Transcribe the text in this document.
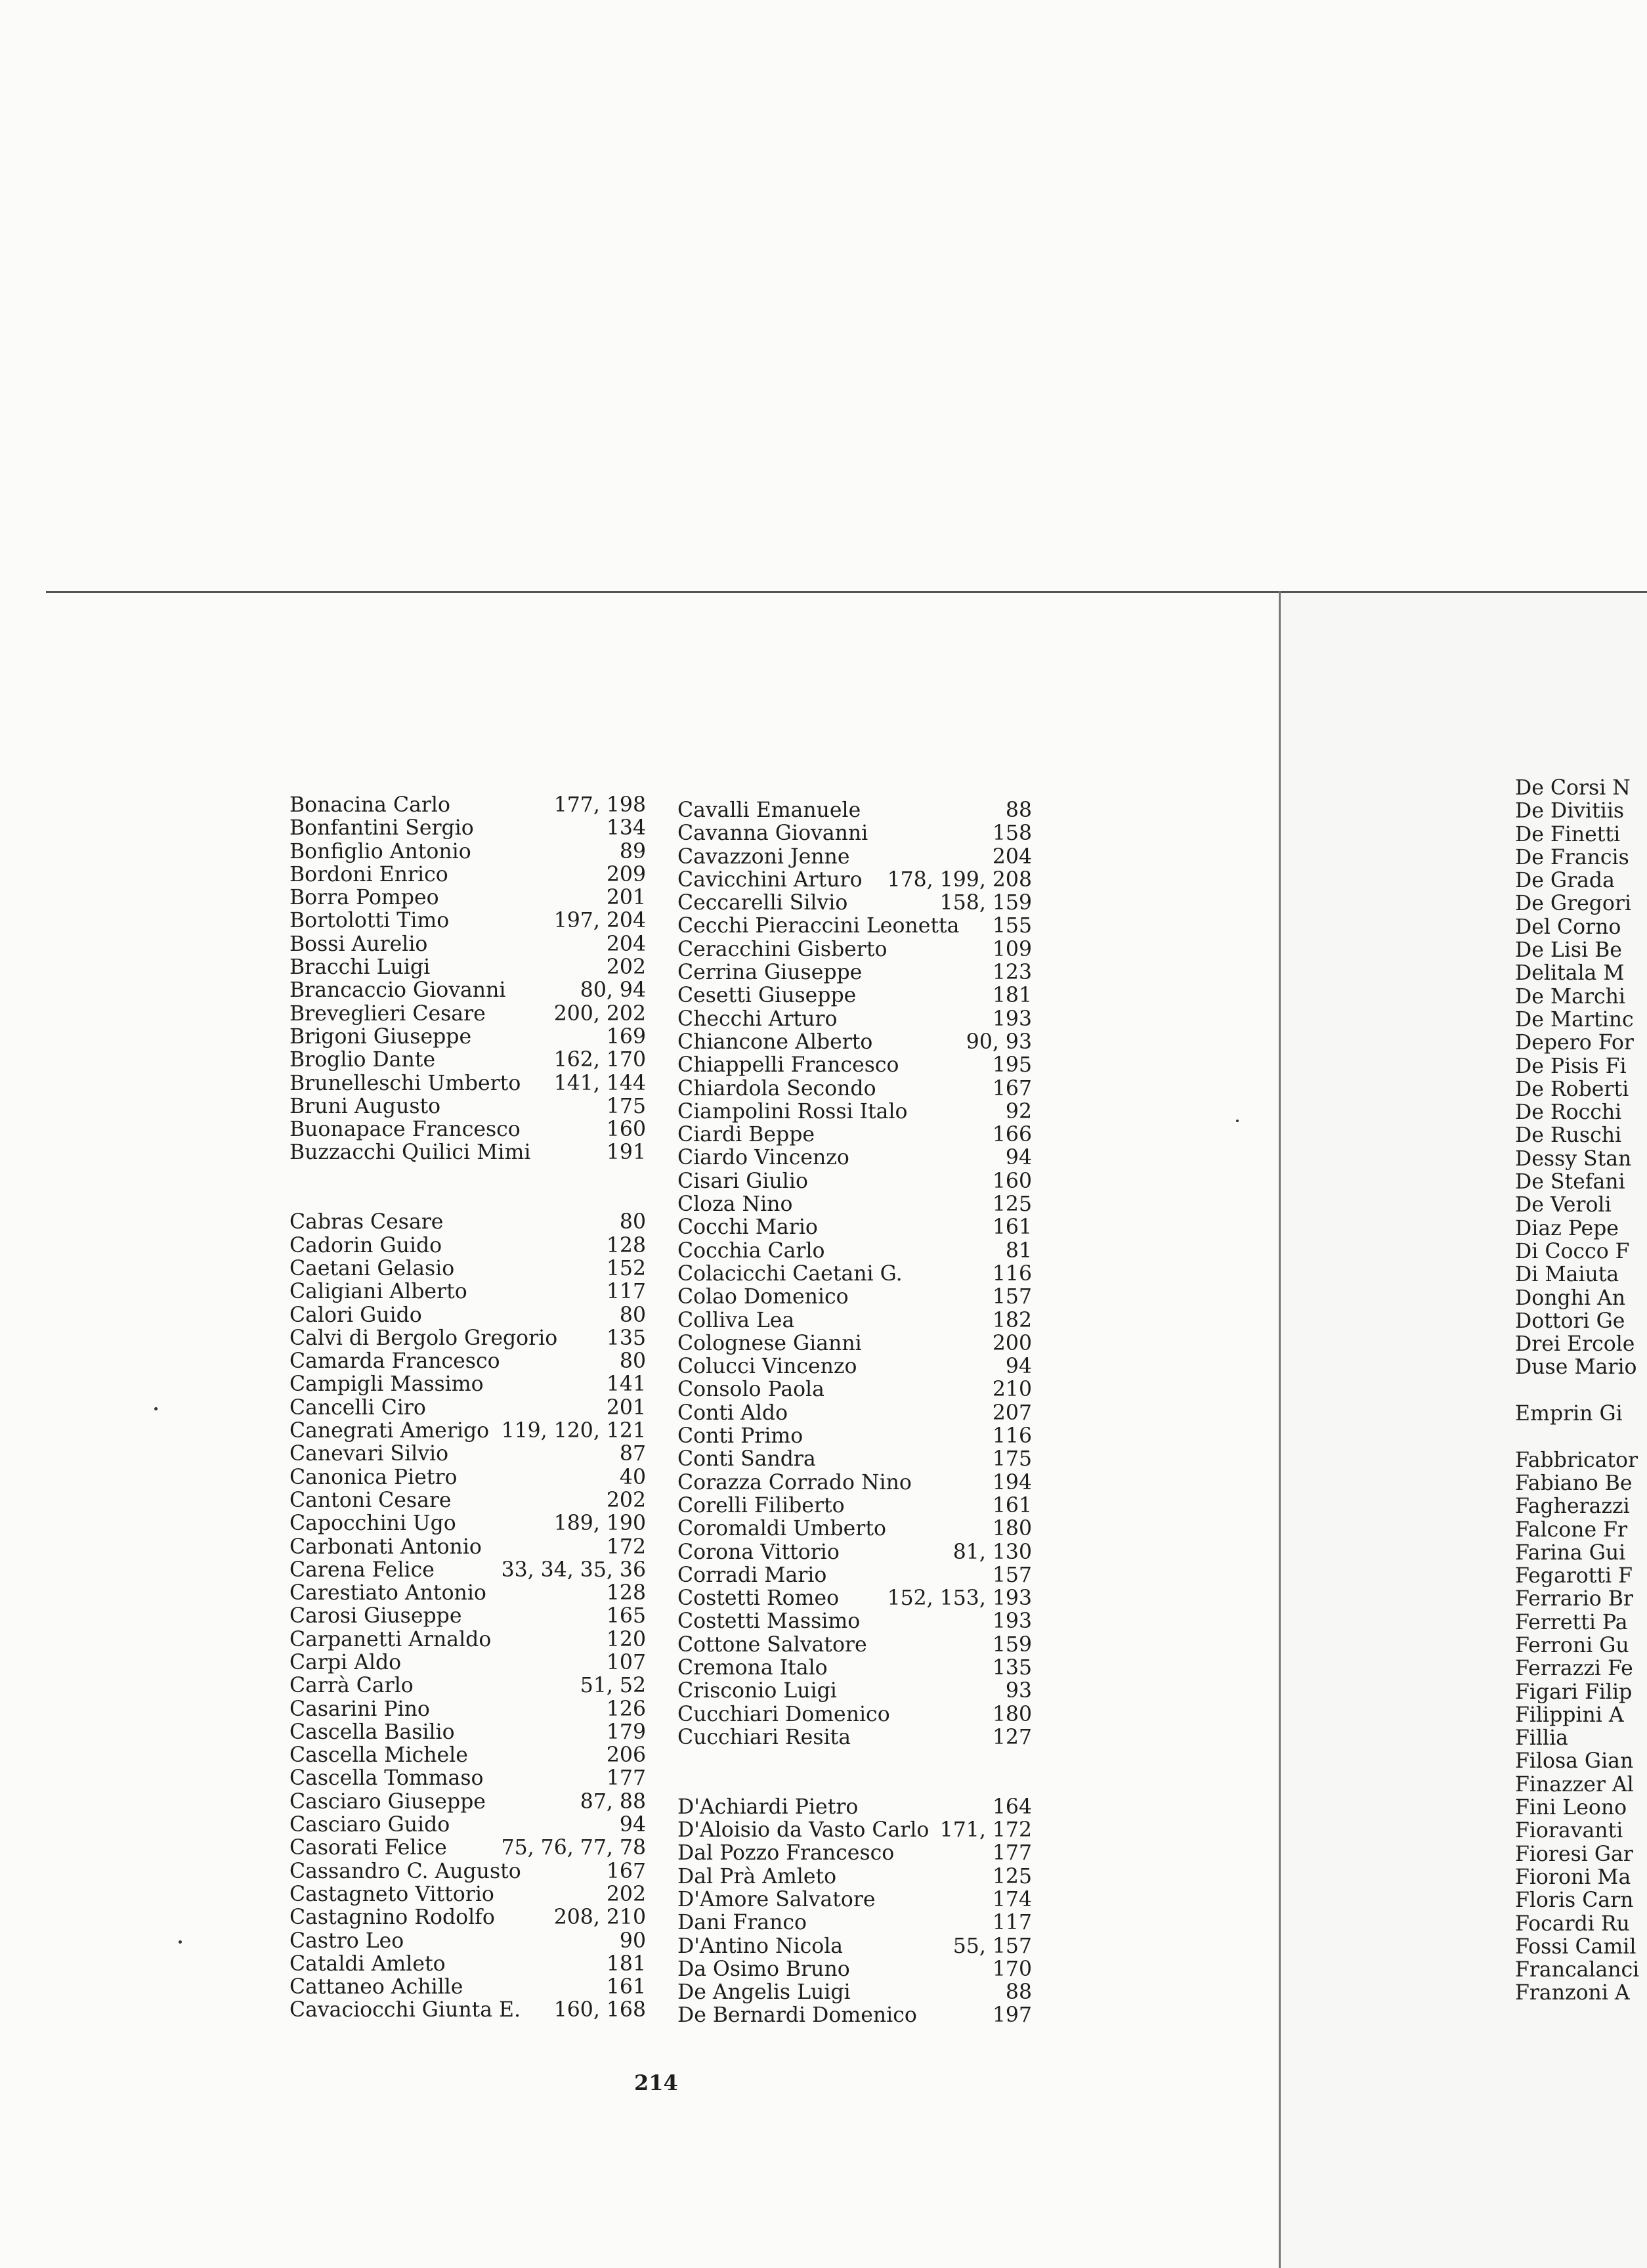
Bonacina Carlo	177, 198
Bonfantini Sergio	134
Bonfiglio Antonio	89
Bordoni Enrico	209
Borra Pompeo	201
Bortolotti Timo	197, 204
Bossi Aurelio	204
Bracchi Luigi	202
Brancaccio Giovanni	80, 94
Breveglieri Cesare	200, 202
Brigoni Giuseppe	169
Broglio Dante	162, 170
Brunelleschi Umberto	141, 144
Bruni Augusto	175
Buonapace Francesco	160
Buzzacchi Quilici Mimi	191
Cabras Cesare	80
Cadorin Guido	128
Caetani Gelasio	152
Caligiani Alberto	117
Calori Guido	80
Calvi di Bergolo Gregorio	135
Camarda Francesco	80
Campigli Massimo	141
Cancelli Ciro	201
Canegrati Amerigo 119, 120, 121
Canevari Silvio	87
Canonica Pietro	40
Cantoni Cesare	202
Capocchini Ugo	189, 190
Carbonati Antonio	172
Carena Felice	33, 34, 35, 36
Carestiato Antonio	128
Carosi Giuseppe	165
Carpanetti Arnaldo	120
Carpi Aldo	107
Carrà Carlo	51, 52
Casarini Pino	126
Cascella Basilio	179
Cascella Michele	206
Cascella Tommaso	177
Casciaro Giuseppe	87, 88
Casciaro Guido	94
Casorati Felice	75, 76, 77, 78
Cassandro C. Augusto	167
Castagneto Vittorio	202
Castagnino Rodolfo	208, 210
Castro Leo	90
Cataldi Amleto	181
Cattaneo Achille	161
Cavaciocchi Giunta E.	160, 168
Cavalli Emanuele	88
Cavanna Giovanni	158
Cavazzoni Jenne	204
Cavicchini Arturo	178, 199, 208
Ceccarelli Silvio	158, 159
Cecchi Pieraccini Leonetta	155
Ceracchini Gisberto	109
Cerrina Giuseppe	123
Cesetti Giuseppe	181
Checchi Arturo	193
Chiancone Alberto	90, 93
Chiappelli Francesco	195
Chiardola Secondo	167
Ciampolini Rossi Italo	92
Ciardi Beppe	166
Ciardo Vincenzo	94
Cisari Giulio	160
Cloza Nino	125
Cocchi Mario	161
Cocchia Carlo	81
Colacicchi Caetani G.	116
Colao Domenico	157
Colliva Lea	182
Colognese Gianni	200
Colucci Vincenzo	94
Consolo Paola	210
Conti Aldo	207
Conti Primo	116
Conti Sandra	175
Corazza Corrado Nino	194
Corelli Filiberto	161
Coromaldi Umberto	180
Corona Vittorio	81, 130
Corradi Mario	157
Costetti Romeo	152, 153, 193
Costetti Massimo	193
Cottone Salvatore	159
Cremona Italo	135
Crisconio Luigi	93
Cucchiari Domenico	180
Cucchiari Resita	127
D'Achiardi Pietro	164
D'Aloisio da Vasto Carlo 171, 172
Dal Pozzo Francesco	177
Dal Prà Amleto	125
D'Amore Salvatore	174
Dani Franco	117
D'Antino Nicola	55, 157
Da Osimo Bruno	170
De Angelis Luigi	88
De Bernardi Domenico	197
De Corsi N
De Divitiis
De Finetti
De Francis
De Grada
De Gregori
Del Corno
De Lisi Be
Delitala M
De Marchi
De Martinc
Depero For
De Pisis Fi
De Roberti
De Rocchi
De Ruschi
Dessy Stan
De Stefani
De Veroli
Diaz Pepe
Di Cocco F
Di Maiuta
Donghi An
Dottori Ge
Drei Ercole
Duse Mario
Emprin Gi
Fabbricator
Fabiano Be
Fagherazzi
Falcone Fr
Farina Gui
Fegarotti F
Ferrario Br
Ferretti Pa
Ferroni Gu
Ferrazzi Fe
Figari Filip
Filippini A
Fillia
Filosa Gian
Finazzer Al
Fini Leono
Fioravanti
Fioresi Gar
Fioroni Ma
Floris Carn
Focardi Ru
Fossi Camil
Francalanci
Franzoni A
214
